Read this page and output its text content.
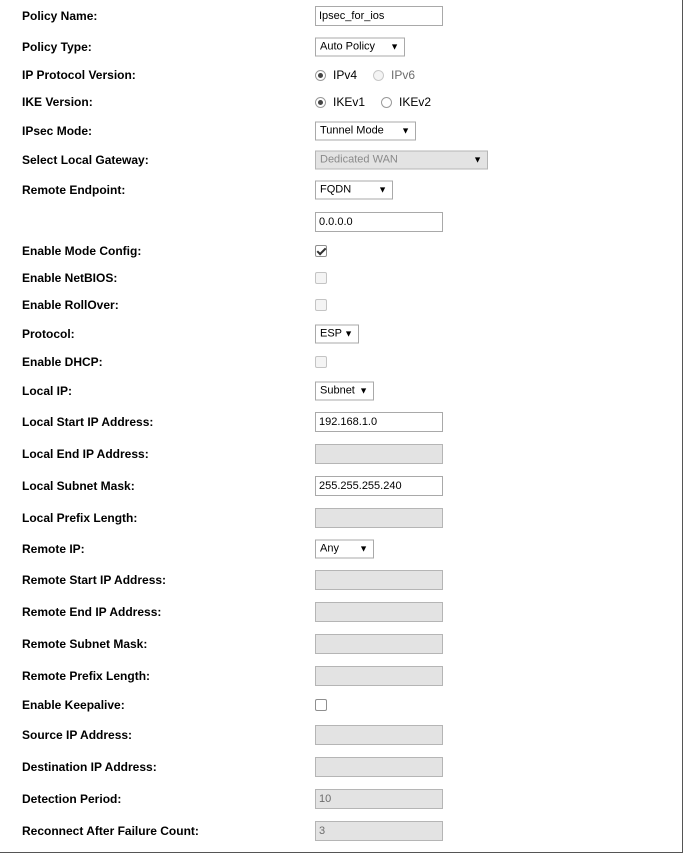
Policy Name:	Ipsec_for_ios
Policy Type:	Auto Policy ▼
IP Protocol Version:	IPv4	IPv6
IKE Version:	IKEv1	IKEv2
IPsec Mode:	Tunnel Mode ▼
Select Local Gateway:	Dedicated WAN	▼
Remote Endpoint:	FQDN	▼
0.0.0.0
Enable Mode Config:
Enable NetBIOS:
Enable RollOver:
Protocol:	ESP ▼
Enable DHCP:
Local IP:	Subnet ▼
Local Start IP Address:	192.168.1.0
Local End IP Address:
Local Subnet Mask:	255.255.255.240
Local Prefix Length:
Remote IP:	Any ▼
Remote Start IP Address:
Remote End IP Address:
Remote Subnet Mask:
Remote Prefix Length:
Enable Keepalive:
Source IP Address:
Destination IP Address:
Detection Period:	10
Reconnect After Failure Count:	3
